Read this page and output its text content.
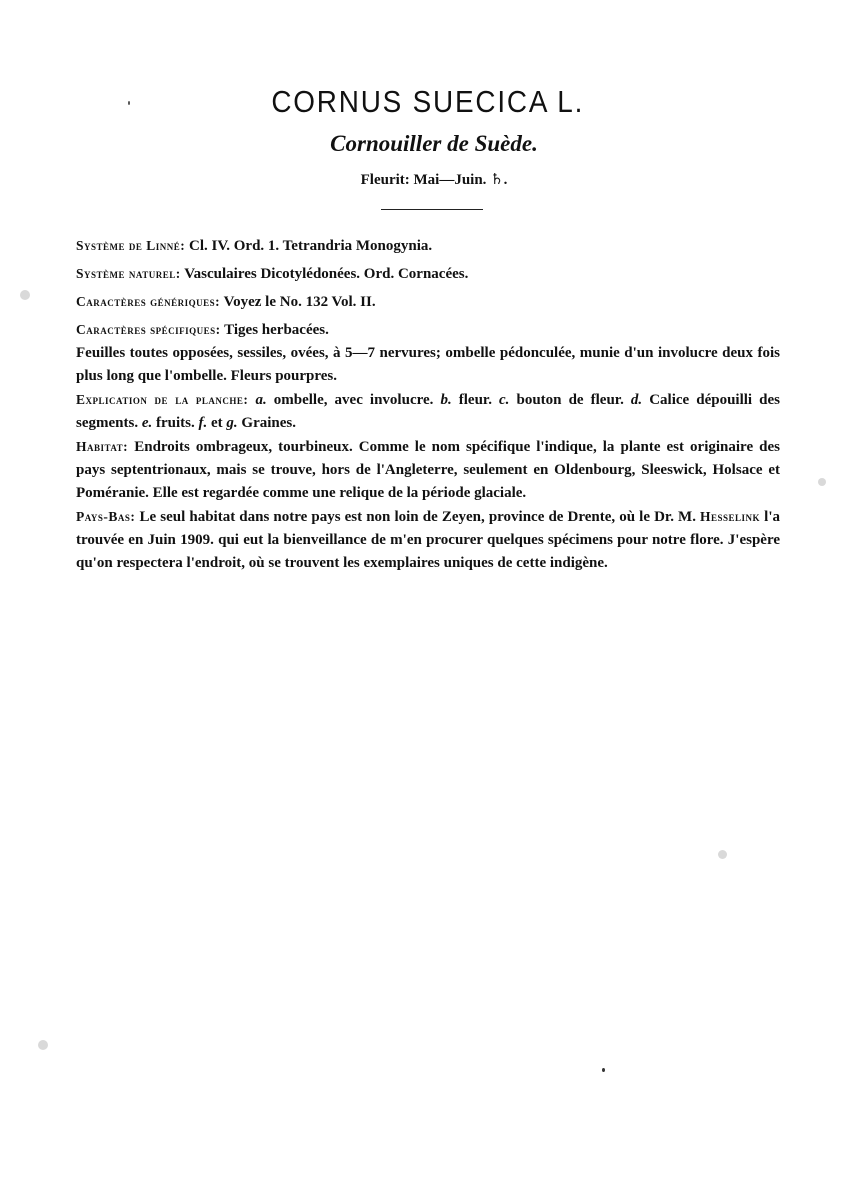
CORNUS SUECICA L.
Cornouiller de Suède.
Fleurit: Mai—Juin. ♄.

Système de Linné: Cl. IV. Ord. 1. Tetrandria Monogynia.

Système naturel: Vasculaires Dicotylédonées. Ord. Cornacées.

Caractères génériques: Voyez le No. 132 Vol. II.

Caractères spécifiques: Tiges herbacées.

Feuilles toutes opposées, sessiles, ovées, à 5—7 nervures; ombelle pédonculée, munie d'un involucre deux fois plus long que l'ombelle. Fleurs pourpres.

Explication de la planche: a. ombelle, avec involucre. b. fleur. c. bouton de fleur. d. Calice dépouilli des segments. e. fruits. f. et g. Graines.

Habitat: Endroits ombrageux, tourbineux. Comme le nom spécifique l'indique, la plante est originaire des pays septentrionaux, mais se trouve, hors de l'Angleterre, seulement en Oldenbourg, Sleeswick, Holsace et Poméranie. Elle est regardée comme une relique de la période glaciale.

Pays-Bas: Le seul habitat dans notre pays est non loin de Zeyen, province de Drente, où le Dr. M. Hesselink l'a trouvée en Juin 1909. qui eut la bienveillance de m'en procurer quelques spécimens pour notre flore. J'espère qu'on respectera l'endroit, où se trouvent les exemplaires uniques de cette indigène.
